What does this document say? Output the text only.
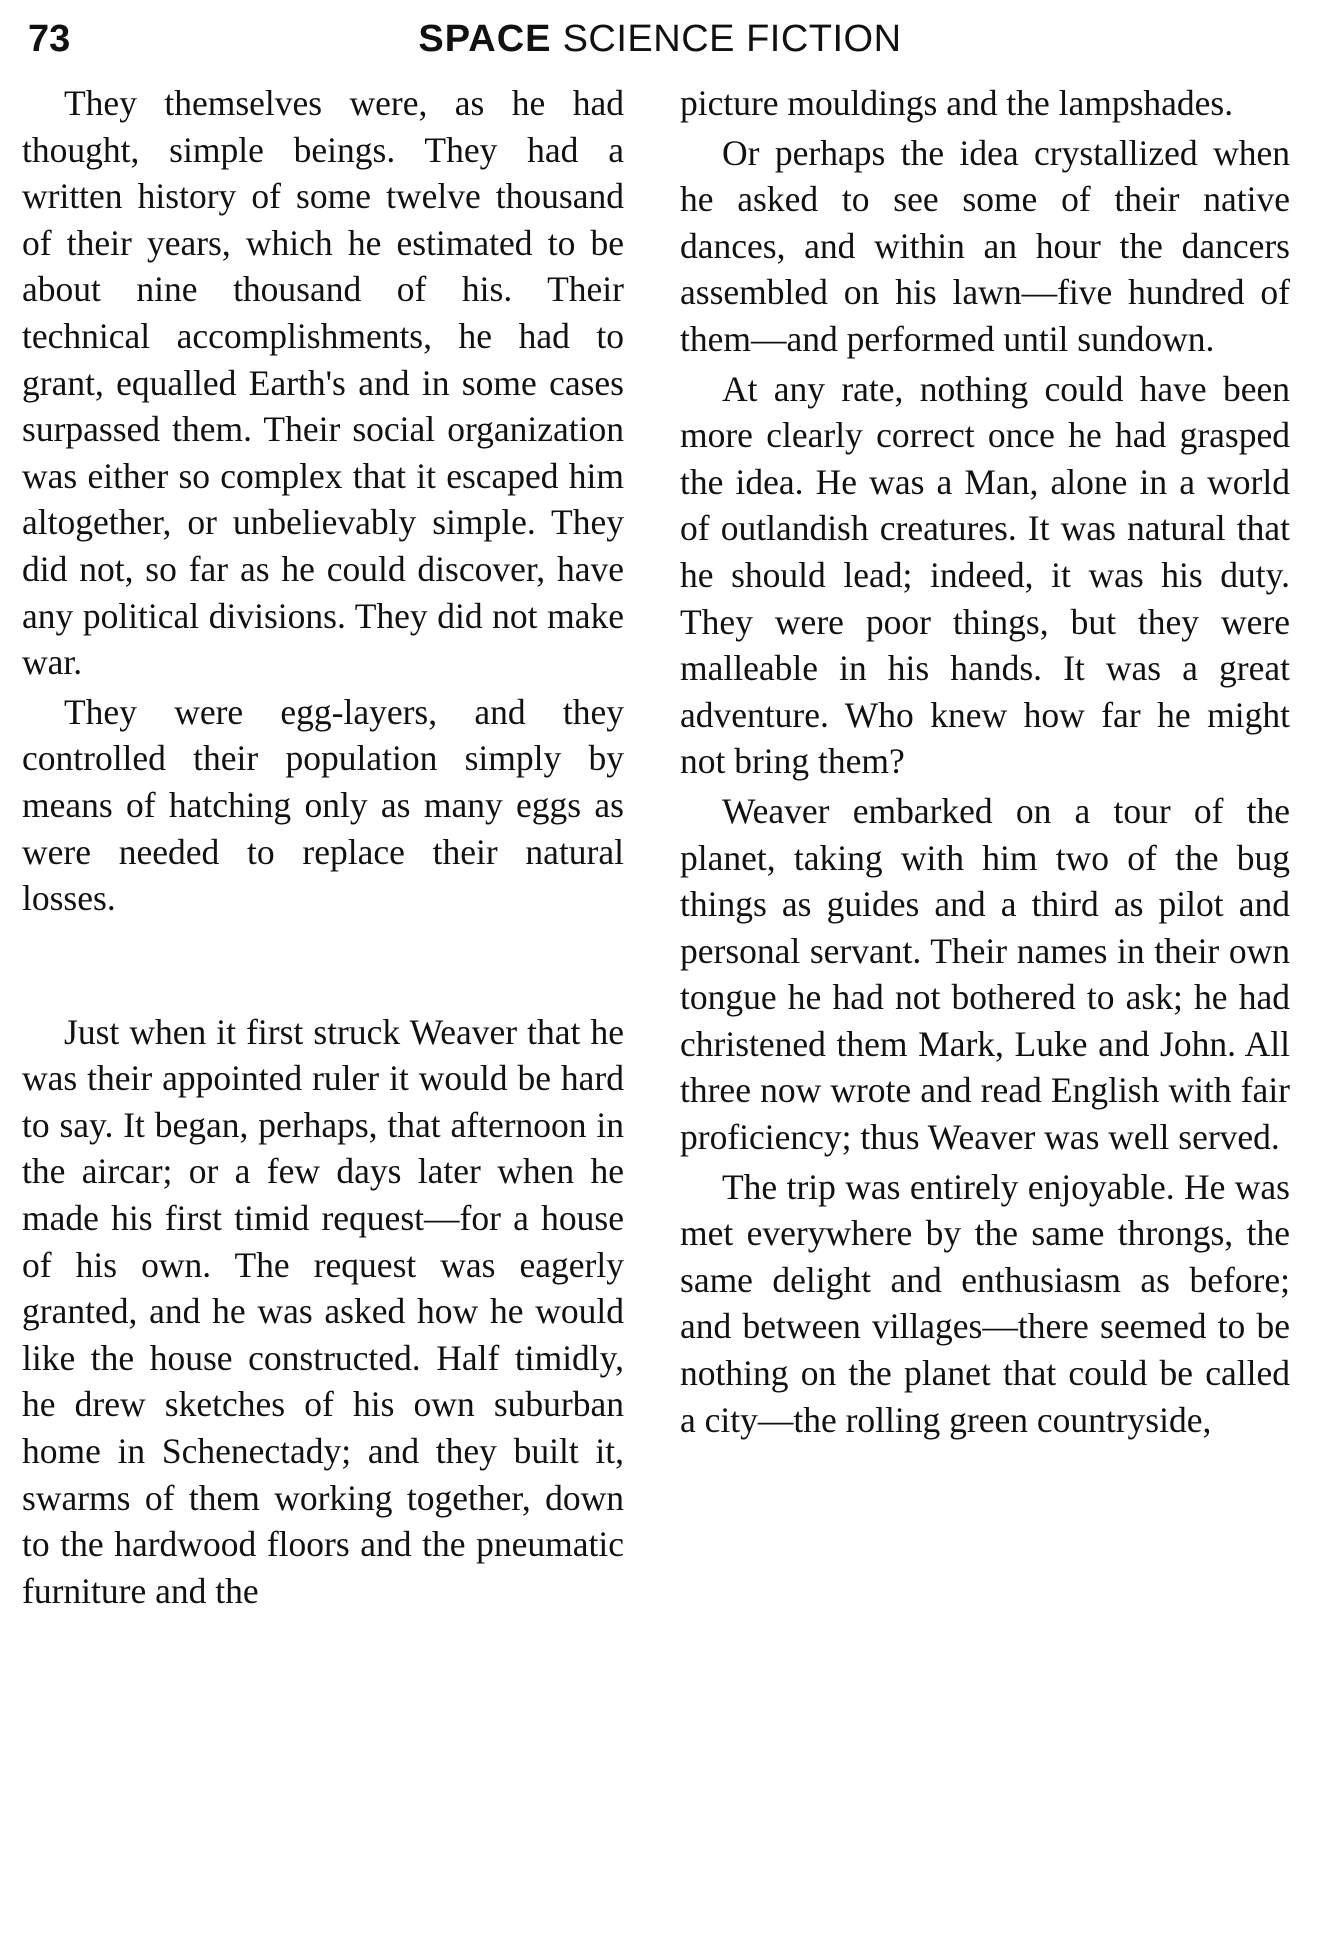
73	SPACE SCIENCE FICTION

They themselves were, as he had thought, simple beings. They had a written history of some twelve thousand of their years, which he estimated to be about nine thousand of his. Their technical accomplishments, he had to grant, equalled Earth's and in some cases surpassed them. Their social organization was either so complex that it escaped him altogether, or unbelievably simple. They did not, so far as he could discover, have any political divisions. They did not make war.

They were egg-layers, and they controlled their population simply by means of hatching only as many eggs as were needed to replace their natural losses.

Just when it first struck Weaver that he was their appointed ruler it would be hard to say. It began, perhaps, that afternoon in the aircar; or a few days later when he made his first timid request—for a house of his own. The request was eagerly granted, and he was asked how he would like the house constructed. Half timidly, he drew sketches of his own suburban home in Schenectady; and they built it, swarms of them working together, down to the hardwood floors and the pneumatic furniture and the

picture mouldings and the lampshades.

Or perhaps the idea crystallized when he asked to see some of their native dances, and within an hour the dancers assembled on his lawn—five hundred of them—and performed until sundown.

At any rate, nothing could have been more clearly correct once he had grasped the idea. He was a Man, alone in a world of outlandish creatures. It was natural that he should lead; indeed, it was his duty. They were poor things, but they were malleable in his hands. It was a great adventure. Who knew how far he might not bring them?

Weaver embarked on a tour of the planet, taking with him two of the bug things as guides and a third as pilot and personal servant. Their names in their own tongue he had not bothered to ask; he had christened them Mark, Luke and John. All three now wrote and read English with fair proficiency; thus Weaver was well served.

The trip was entirely enjoyable. He was met everywhere by the same throngs, the same delight and enthusiasm as before; and between villages—there seemed to be nothing on the planet that could be called a city—the rolling green countryside,
